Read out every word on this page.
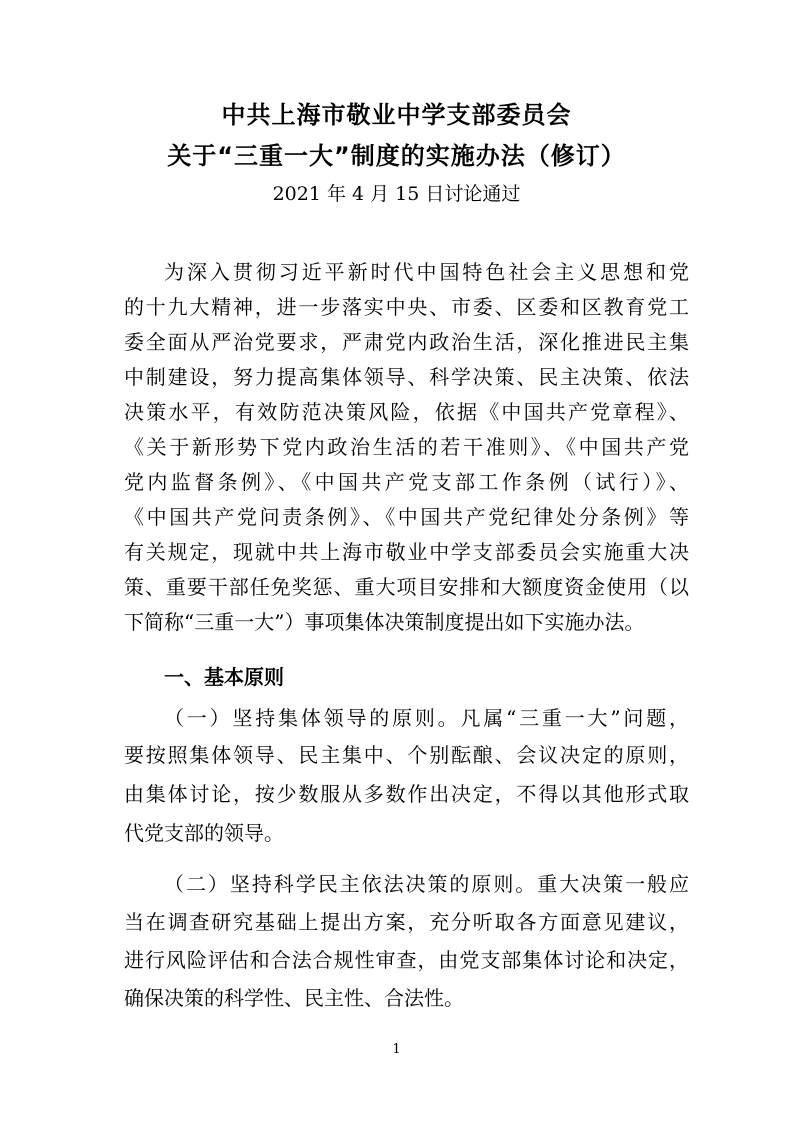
中共上海市敬业中学支部委员会
关于“三重一大”制度的实施办法（修订）
2021 年 4 月 15 日讨论通过
为深入贯彻习近平新时代中国特色社会主义思想和党
的十九大精神，进一步落实中央、市委、区委和区教育党工
委全面从严治党要求，严肃党内政治生活，深化推进民主集
中制建设，努力提高集体领导、科学决策、民主决策、依法
决策水平，有效防范决策风险，依据《中国共产党章程》、
《关于新形势下党内政治生活的若干准则》、《中国共产党
党内监督条例》、《中国共产党支部工作条例（试行）》、
《中国共产党问责条例》、《中国共产党纪律处分条例》等
有关规定，现就中共上海市敬业中学支部委员会实施重大决
策、重要干部任免奖惩、重大项目安排和大额度资金使用（以
下简称“三重一大”）事项集体决策制度提出如下实施办法。
一、基本原则
（一）坚持集体领导的原则。凡属“三重一大”问题，
要按照集体领导、民主集中、个别酝酿、会议决定的原则，
由集体讨论，按少数服从多数作出决定，不得以其他形式取
代党支部的领导。
（二）坚持科学民主依法决策的原则。重大决策一般应
当在调查研究基础上提出方案，充分听取各方面意见建议，
进行风险评估和合法合规性审查，由党支部集体讨论和决定，
确保决策的科学性、民主性、合法性。
1
